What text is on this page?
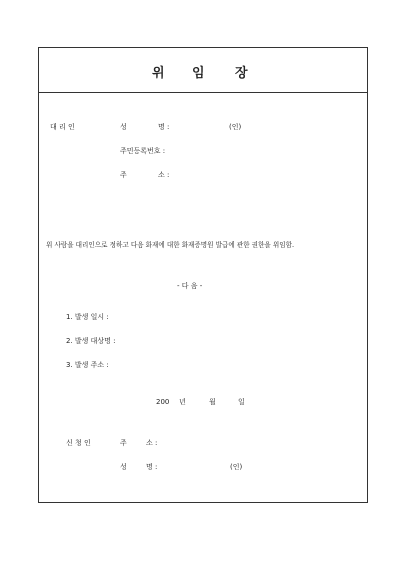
위 임 장
대 리 인	성	명 :	(인)
주민등록번호 :
주	소 :
위 사람을 대리인으로 정하고 다음 화재에 대한 화재증명원 발급에 관한 권한을 위임함.
- 다 음 -
1. 발생 일시 :
2. 발생 대상명 :
3. 발생 주소 :
200 년	월	일
신 청 인	주	소 :
성	명 :	(인)
